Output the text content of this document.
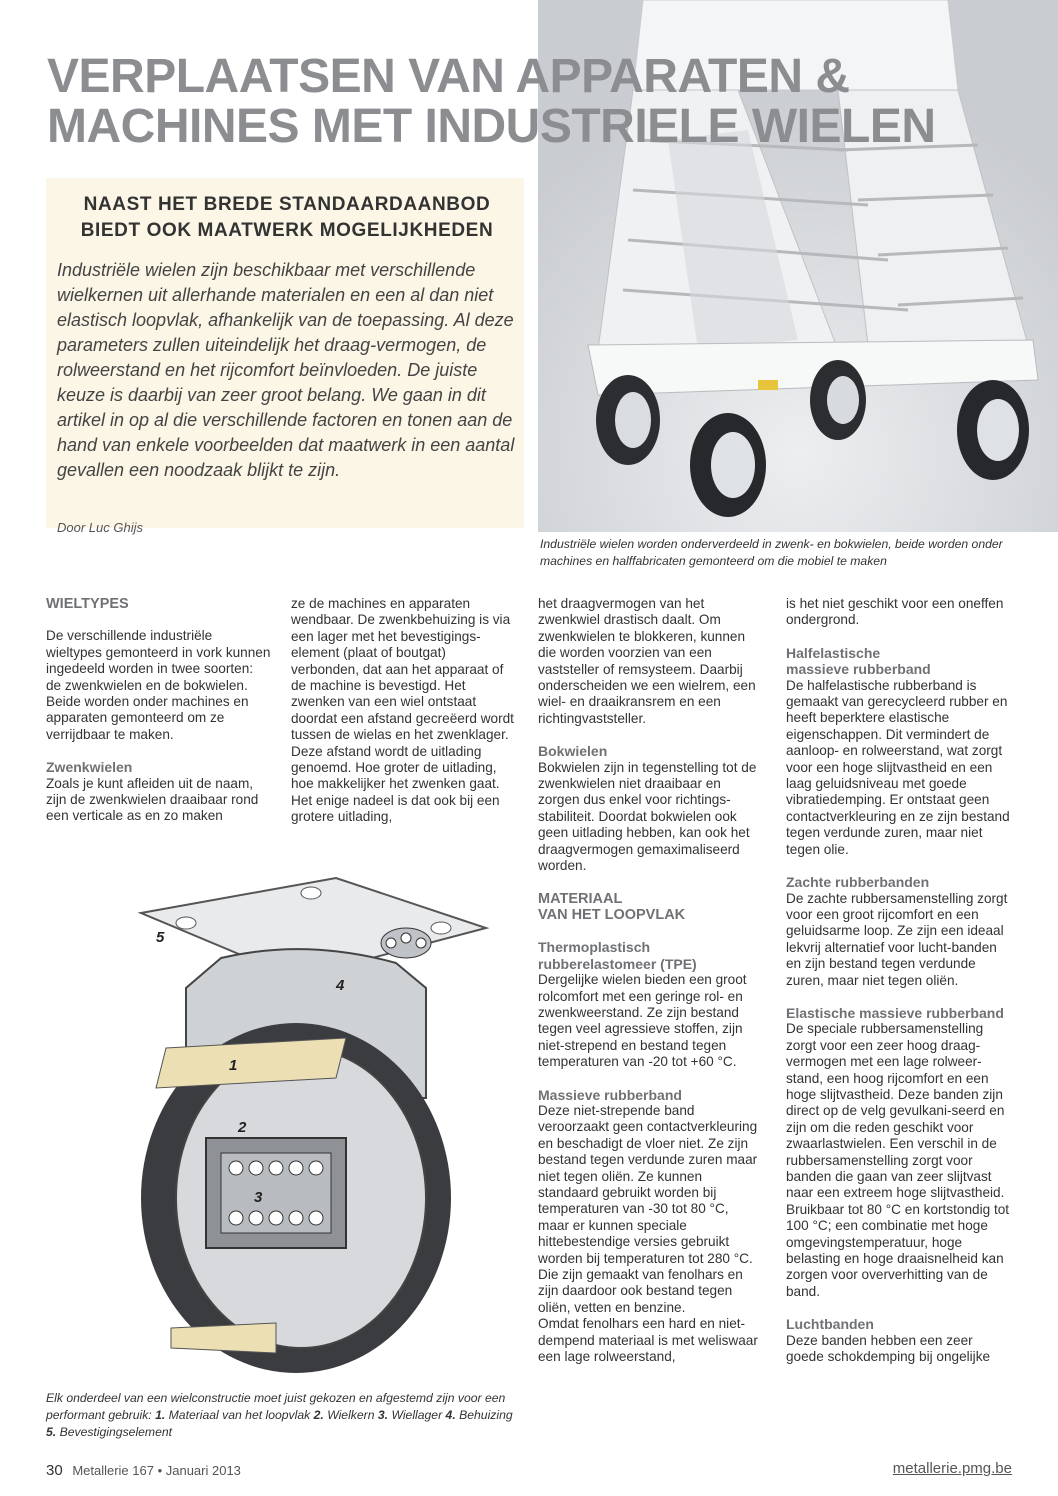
VERPLAATSEN VAN APPARATEN &
MACHINES MET INDUSTRIELE WIELEN
NAAST HET BREDE STANDAARDAANBOD
BIEDT OOK MAATWERK MOGELIJKHEDEN

Industriële wielen zijn beschikbaar met verschillende wielkernen uit allerhande materialen en een al dan niet elastisch loopvlak, afhankelijk van de toepassing. Al deze parameters zullen uiteindelijk het draag-vermogen, de rolweerstand en het rijcomfort beïnvloeden. De juiste keuze is daarbij van zeer groot belang. We gaan in dit artikel in op al die verschillende factoren en tonen aan de hand van enkele voorbeelden dat maatwerk in een aantal gevallen een noodzaak blijkt te zijn.

Door Luc Ghijs
Industriële wielen worden onderverdeeld in zwenk- en bokwielen, beide worden onder machines en halffabricaten gemonteerd om die mobiel te maken
WIELTYPES

De verschillende industriële wieltypes gemonteerd in vork kunnen ingedeeld worden in twee soorten: de zwenkwielen en de bokwielen. Beide worden onder machines en apparaten gemonteerd om ze verrijdbaar te maken.

Zwenkwielen

Zoals je kunt afleiden uit de naam, zijn de zwenkwielen draaibaar rond een verticale as en zo maken

ze de machines en apparaten wendbaar. De zwenkbehuizing is via een lager met het bevestigings-element (plaat of boutgat) verbonden, dat aan het apparaat of de machine is bevestigd. Het zwenken van een wiel ontstaat doordat een afstand gecreëerd wordt tussen de wielas en het zwenklager. Deze afstand wordt de uitlading genoemd. Hoe groter de uitlading, hoe makkelijker het zwenken gaat. Het enige nadeel is dat ook bij een grotere uitlading,

het draagvermogen van het zwenkwiel drastisch daalt. Om zwenkwielen te blokkeren, kunnen die worden voorzien van een vaststeller of remsysteem. Daarbij onderscheiden we een wielrem, een wiel- en draaikransrem en een richtingvaststeller.

Bokwielen

Bokwielen zijn in tegenstelling tot de zwenkwielen niet draaibaar en zorgen dus enkel voor richtings-stabiliteit. Doordat bokwielen ook geen uitlading hebben, kan ook het draagvermogen gemaximaliseerd worden.

MATERIAAL
VAN HET LOOPVLAK
Thermoplastisch
rubberelastomeer (TPE)

Dergelijke wielen bieden een groot rolcomfort met een geringe rol- en zwenkweerstand. Ze zijn bestand tegen veel agressieve stoffen, zijn niet-strepend en bestand tegen temperaturen van -20 tot +60 °C.

Massieve rubberband

Deze niet-strepende band veroorzaakt geen contactverkleuring en beschadigt de vloer niet. Ze zijn bestand tegen verdunde zuren maar niet tegen oliën. Ze kunnen standaard gebruikt worden bij temperaturen van -30 tot 80 °C, maar er kunnen speciale hittebestendige versies gebruikt worden bij temperaturen tot 280 °C. Die zijn gemaakt van fenolhars en zijn daardoor ook bestand tegen oliën, vetten en benzine.

Omdat fenolhars een hard en niet-dempend materiaal is met weliswaar een lage rolweerstand,

is het niet geschikt voor een oneffen ondergrond.

Halfelastische
massieve rubberband

De halfelastische rubberband is gemaakt van gerecycleerd rubber en heeft beperktere elastische eigenschappen. Dit vermindert de aanloop- en rolweerstand, wat zorgt voor een hoge slijtvastheid en een laag geluidsniveau met goede vibratiedemping. Er ontstaat geen contactverkleuring en ze zijn bestand tegen verdunde zuren, maar niet tegen olie.

Zachte rubberbanden

De zachte rubbersamenstelling zorgt voor een groot rijcomfort en een geluidsarme loop. Ze zijn een ideaal lekvrij alternatief voor lucht-banden en zijn bestand tegen verdunde zuren, maar niet tegen oliën.

Elastische massieve rubberband

De speciale rubbersamenstelling zorgt voor een zeer hoog draag-vermogen met een lage rolweer-stand, een hoog rijcomfort en een hoge slijtvastheid. Deze banden zijn direct op de velg gevulkani-seerd en zijn om die reden geschikt voor zwaarlastwielen. Een verschil in de rubbersamenstelling zorgt voor banden die gaan van zeer slijtvast naar een extreem hoge slijtvastheid. Bruikbaar tot 80 °C en kortstondig tot 100 °C; een combinatie met hoge omgevingstemperatuur, hoge belasting en hoge draaisnelheid kan zorgen voor oververhitting van de band.

Luchtbanden

Deze banden hebben een zeer goede schokdemping bij ongelijke

5
4
1
2
3
Elk onderdeel van een wielconstructie moet juist gekozen en afgestemd zijn voor een performant gebruik: 1. Materiaal van het loopvlak 2. Wielkern 3. Wiellager 4. Behuizing 5. Bevestigingselement
30 Metallerie 167 • Januari 2013	metallerie.pmg.be
